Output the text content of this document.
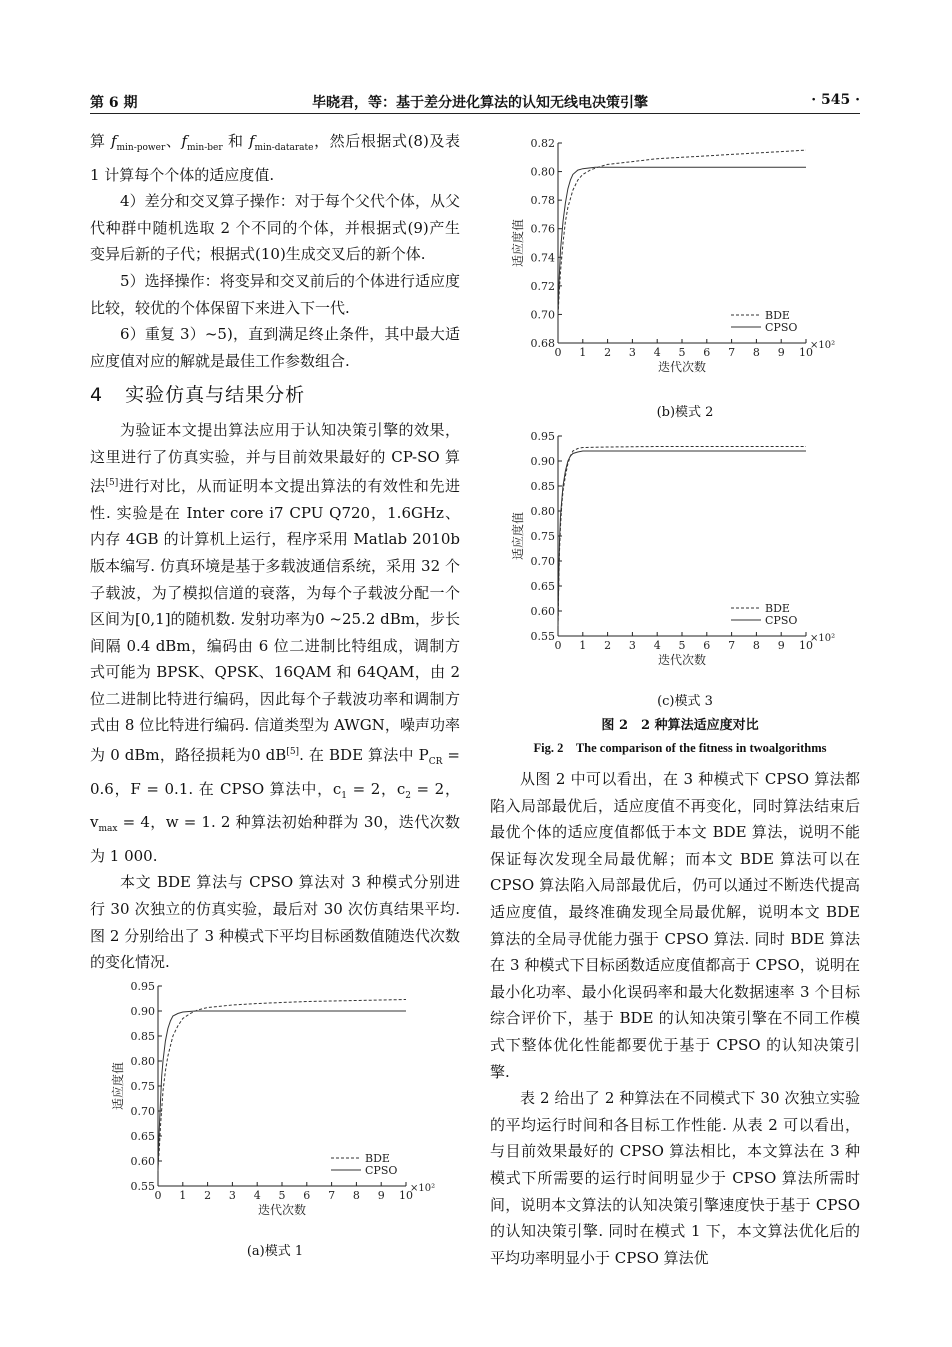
第 6 期	毕晓君，等：基于差分进化算法的认知无线电决策引擎	· 545 ·

算 $f_{min-power}$、$f_{min-ber}$ 和 $f_{min-datarate}$，然后根据式(8)及表 1 计算每个个体的适应度值.

4）差分和交叉算子操作：对于每个父代个体，从父代种群中随机选取 2 个不同的个体，并根据式(9)产生变异后新的子代；根据式(10)生成交叉后的新个体.

5）选择操作：将变异和交叉前后的个体进行适应度比较，较优的个体保留下来进入下一代.

6）重复 3）~5)，直到满足终止条件，其中最大适应度值对应的解就是最佳工作参数组合.

4 实验仿真与结果分析

为验证本文提出算法应用于认知决策引擎的效果，这里进行了仿真实验，并与目前效果最好的 CP-SO 算法[5]进行对比，从而证明本文提出算法的有效性和先进性. 实验是在 Inter core i7 CPU Q720，1.6GHz、内存 4GB 的计算机上运行，程序采用 Matlab 2010b 版本编写. 仿真环境是基于多载波通信系统，采用 32 个子载波，为了模拟信道的衰落，为每个子载波分配一个区间为[0,1]的随机数. 发射功率为0 ~25.2 dBm，步长间隔 0.4 dBm，编码由 6 位二进制比特组成，调制方式可能为 BPSK、QPSK、16QAM 和 64QAM，由 2 位二进制比特进行编码，因此每个子载波功率和调制方式由 8 位比特进行编码. 信道类型为 AWGN，噪声功率为 0 dBm，路径损耗为0 dB[5]. 在 BDE 算法中 $P_{CR} = 0.6$，F = 0.1. 在 CPSO 算法中，$c_1 = 2$，$c_2 = 2$，$v_{max} = 4$，w = 1. 2 种算法初始种群为 30，迭代次数为 1 000.

本文 BDE 算法与 CPSO 算法对 3 种模式分别进行 30 次独立的仿真实验，最后对 30 次仿真结果平均. 图 2 分别给出了 3 种模式下平均目标函数值随迭代次数的变化情况.

0.55
0.60
0.65
0.70
0.75
0.80
0.85
0.90
0.95
0 1 2 3 4 5 6 7 8 9 10
×10²
迭代次数
适应度值
BDE
CPSO
(a)模式 1
0.68
0.70
0.72
0.74
0.76
0.78
0.80
0.82
0 1 2 3 4 5 6 7 8 9 10
×10²
迭代次数
适应度值
BDE
CPSO
(b)模式 2
0.55
0.60
0.65
0.70
0.75
0.80
0.85
0.90
0.95
0 1 2 3 4 5 6 7 8 9 10
×10²
迭代次数
适应度值
BDE
CPSO
(c)模式 3
图 2　2 种算法适应度对比
Fig. 2　The comparison of the fitness in twoalgorithms

从图 2 中可以看出，在 3 种模式下 CPSO 算法都陷入局部最优后，适应度值不再变化，同时算法结束后最优个体的适应度值都低于本文 BDE 算法，说明不能保证每次发现全局最优解；而本文 BDE 算法可以在 CPSO 算法陷入局部最优后，仍可以通过不断迭代提高适应度值，最终准确发现全局最优解，说明本文 BDE 算法的全局寻优能力强于 CPSO 算法. 同时 BDE 算法在 3 种模式下目标函数适应度值都高于 CPSO，说明在最小化功率、最小化误码率和最大化数据速率 3 个目标综合评价下，基于 BDE 的认知决策引擎在不同工作模式下整体优化性能都要优于基于 CPSO 的认知决策引擎.

表 2 给出了 2 种算法在不同模式下 30 次独立实验的平均运行时间和各目标工作性能. 从表 2 可以看出，与目前效果最好的 CPSO 算法相比，本文算法在 3 种模式下所需要的运行时间明显少于 CPSO 算法所需时间，说明本文算法的认知决策引擎速度快于基于 CPSO 的认知决策引擎. 同时在模式 1 下，本文算法优化后的平均功率明显小于 CPSO 算法优
